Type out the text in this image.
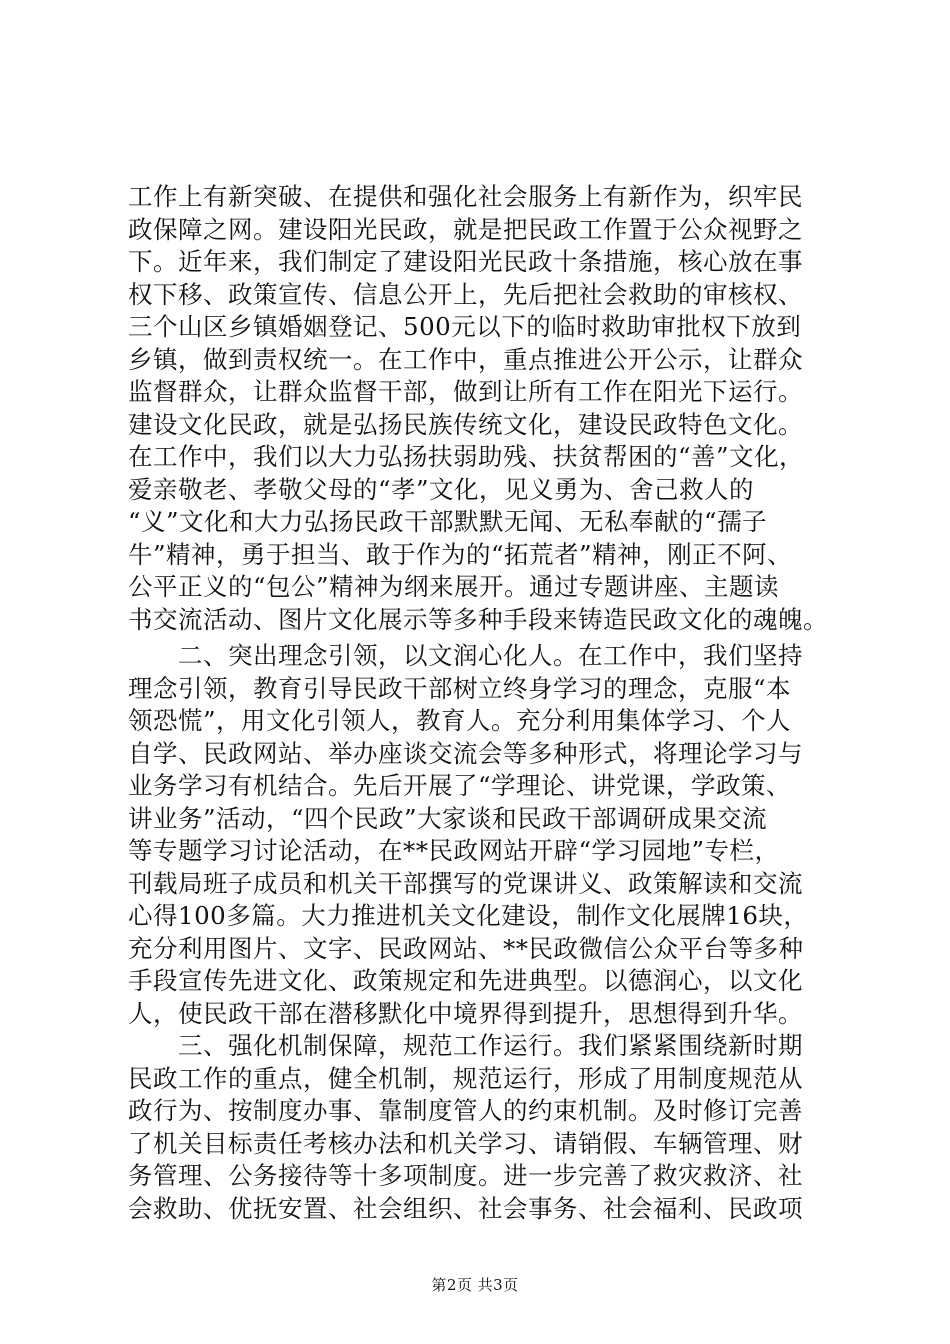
工作上有新突破、在提供和强化社会服务上有新作为，织牢民
政保障之网。建设阳光民政，就是把民政工作置于公众视野之
下。近年来，我们制定了建设阳光民政十条措施，核心放在事
权下移、政策宣传、信息公开上，先后把社会救助的审核权、
三个山区乡镇婚姻登记、500元以下的临时救助审批权下放到
乡镇，做到责权统一。在工作中，重点推进公开公示，让群众
监督群众，让群众监督干部，做到让所有工作在阳光下运行。
建设文化民政，就是弘扬民族传统文化，建设民政特色文化。
在工作中，我们以大力弘扬扶弱助残、扶贫帮困的“善”文化，
爱亲敬老、孝敬父母的“孝”文化，见义勇为、舍己救人的
“义”文化和大力弘扬民政干部默默无闻、无私奉献的“孺子
牛”精神，勇于担当、敢于作为的“拓荒者”精神，刚正不阿、
公平正义的“包公”精神为纲来展开。通过专题讲座、主题读
书交流活动、图片文化展示等多种手段来铸造民政文化的魂魄。
　　二、突出理念引领，以文润心化人。在工作中，我们坚持
理念引领，教育引导民政干部树立终身学习的理念，克服“本
领恐慌”，用文化引领人，教育人。充分利用集体学习、个人
自学、民政网站、举办座谈交流会等多种形式，将理论学习与
业务学习有机结合。先后开展了“学理论、讲党课，学政策、
讲业务”活动，“四个民政”大家谈和民政干部调研成果交流
等专题学习讨论活动，在**民政网站开辟“学习园地”专栏，
刊载局班子成员和机关干部撰写的党课讲义、政策解读和交流
心得100多篇。大力推进机关文化建设，制作文化展牌16块，
充分利用图片、文字、民政网站、**民政微信公众平台等多种
手段宣传先进文化、政策规定和先进典型。以德润心，以文化
人，使民政干部在潜移默化中境界得到提升，思想得到升华。
　　三、强化机制保障，规范工作运行。我们紧紧围绕新时期
民政工作的重点，健全机制，规范运行，形成了用制度规范从
政行为、按制度办事、靠制度管人的约束机制。及时修订完善
了机关目标责任考核办法和机关学习、请销假、车辆管理、财
务管理、公务接待等十多项制度。进一步完善了救灾救济、社
会救助、优抚安置、社会组织、社会事务、社会福利、民政项
第2页 共3页
